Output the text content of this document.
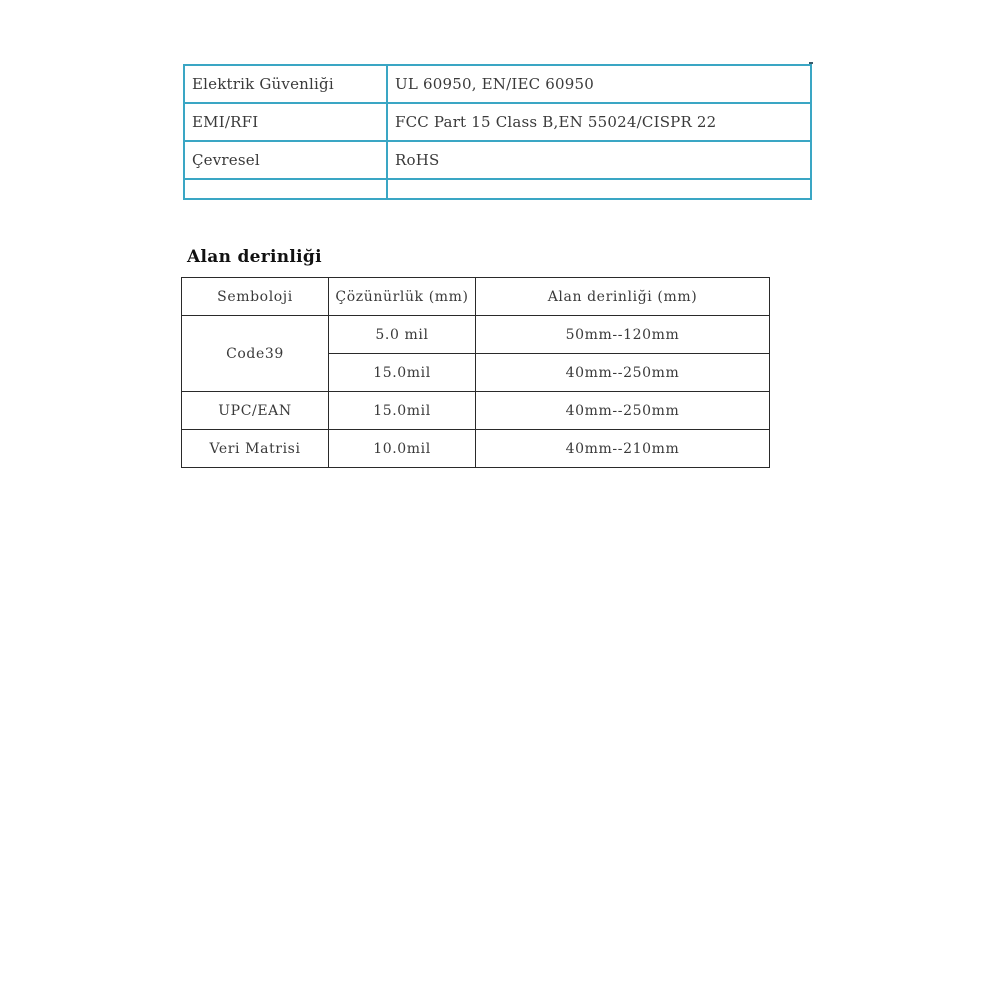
Elektrik Güvenliği	UL 60950, EN/IEC 60950
EMI/RFI	FCC Part 15 Class B,EN 55024/CISPR 22
Çevresel	RoHS

Alan derinliği
Semboloji	Çözünürlük (mm)	Alan derinliği (mm)
Code39	5.0 mil	50mm--120mm
	15.0mil	40mm--250mm
UPC/EAN	15.0mil	40mm--250mm
Veri Matrisi	10.0mil	40mm--210mm
